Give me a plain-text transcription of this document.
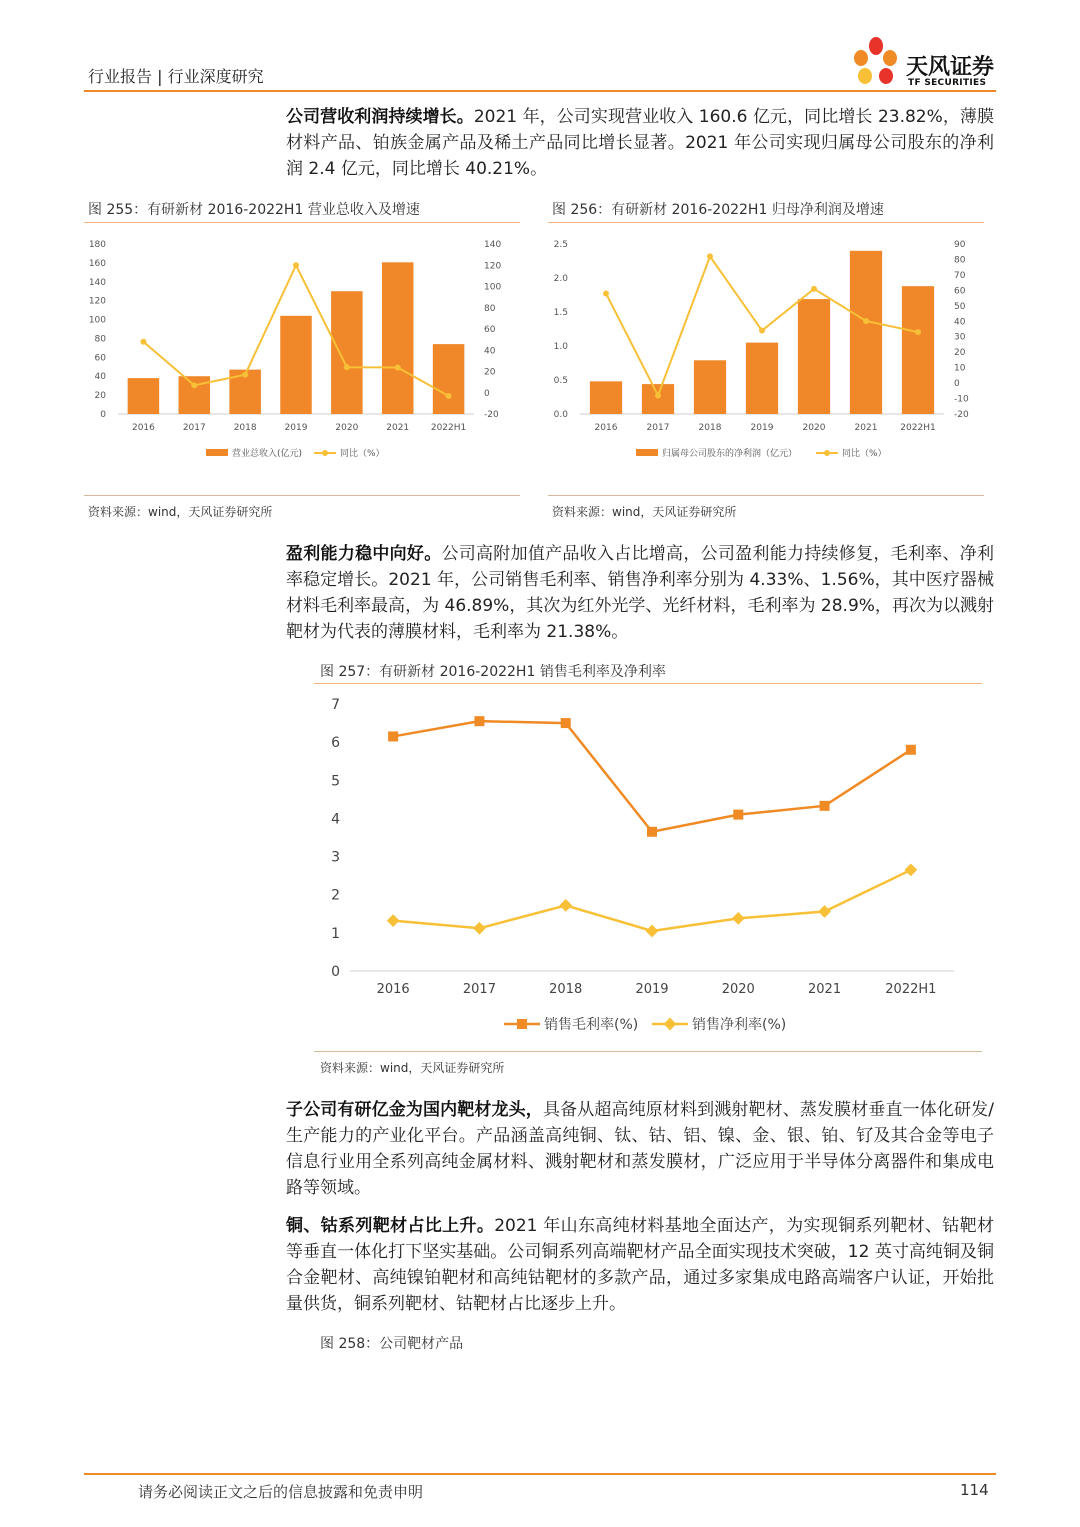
行业报告 | 行业深度研究	天风证券
TF SECURITIES
公司营收利润持续增长。2021 年，公司实现营业收入 160.6 亿元，同比增长 23.82%，薄膜材料产品、铂族金属产品及稀土产品同比增长显著。2021 年公司实现归属母公司股东的净利润 2.4 亿元，同比增长 40.21%。
图 255：有研新材 2016-2022H1 营业总收入及增速
0
20
40
60
80
100
120
140
160
180
-20
0
20
40
60
80
100
120
140
2016	2017	2018	2019	2020	2021 2022H1
营业总收入(亿元)	同比（%）
资料来源：wind，天风证券研究所
图 256：有研新材 2016-2022H1 归母净利润及增速
0.0
0.5
1.0
1.5
2.0
2.5
-20
-10
0
10
20
30
40
50
60
70
80
90
2016	2017	2018	2019	2020	2021	2022H1
归属母公司股东的净利润（亿元）	同比（%）
资料来源：wind，天风证券研究所
盈利能力稳中向好。公司高附加值产品收入占比增高，公司盈利能力持续修复，毛利率、净利率稳定增长。2021 年，公司销售毛利率、销售净利率分别为 4.33%、1.56%，其中医疗器械材料毛利率最高，为 46.89%，其次为红外光学、光纤材料，毛利率为 28.9%，再次为以溅射靶材为代表的薄膜材料，毛利率为 21.38%。
图 257：有研新材 2016-2022H1 销售毛利率及净利率
0
1
2
3
4
5
6
7
2016	2017	2018	2019	2020	2021	2022H1
销售毛利率(%)	销售净利率(%)
资料来源：wind，天风证券研究所
子公司有研亿金为国内靶材龙头，具备从超高纯原材料到溅射靶材、蒸发膜材垂直一体化研发/生产能力的产业化平台。产品涵盖高纯铜、钛、钴、铝、镍、金、银、铂、钌及其合金等电子信息行业用全系列高纯金属材料、溅射靶材和蒸发膜材，广泛应用于半导体分离器件和集成电路等领域。
铜、钴系列靶材占比上升。2021 年山东高纯材料基地全面达产，为实现铜系列靶材、钴靶材等垂直一体化打下坚实基础。公司铜系列高端靶材产品全面实现技术突破，12 英寸高纯铜及铜合金靶材、高纯镍铂靶材和高纯钴靶材的多款产品，通过多家集成电路高端客户认证，开始批量供货，铜系列靶材、钴靶材占比逐步上升。
图 258：公司靶材产品
请务必阅读正文之后的信息披露和免责申明	114
